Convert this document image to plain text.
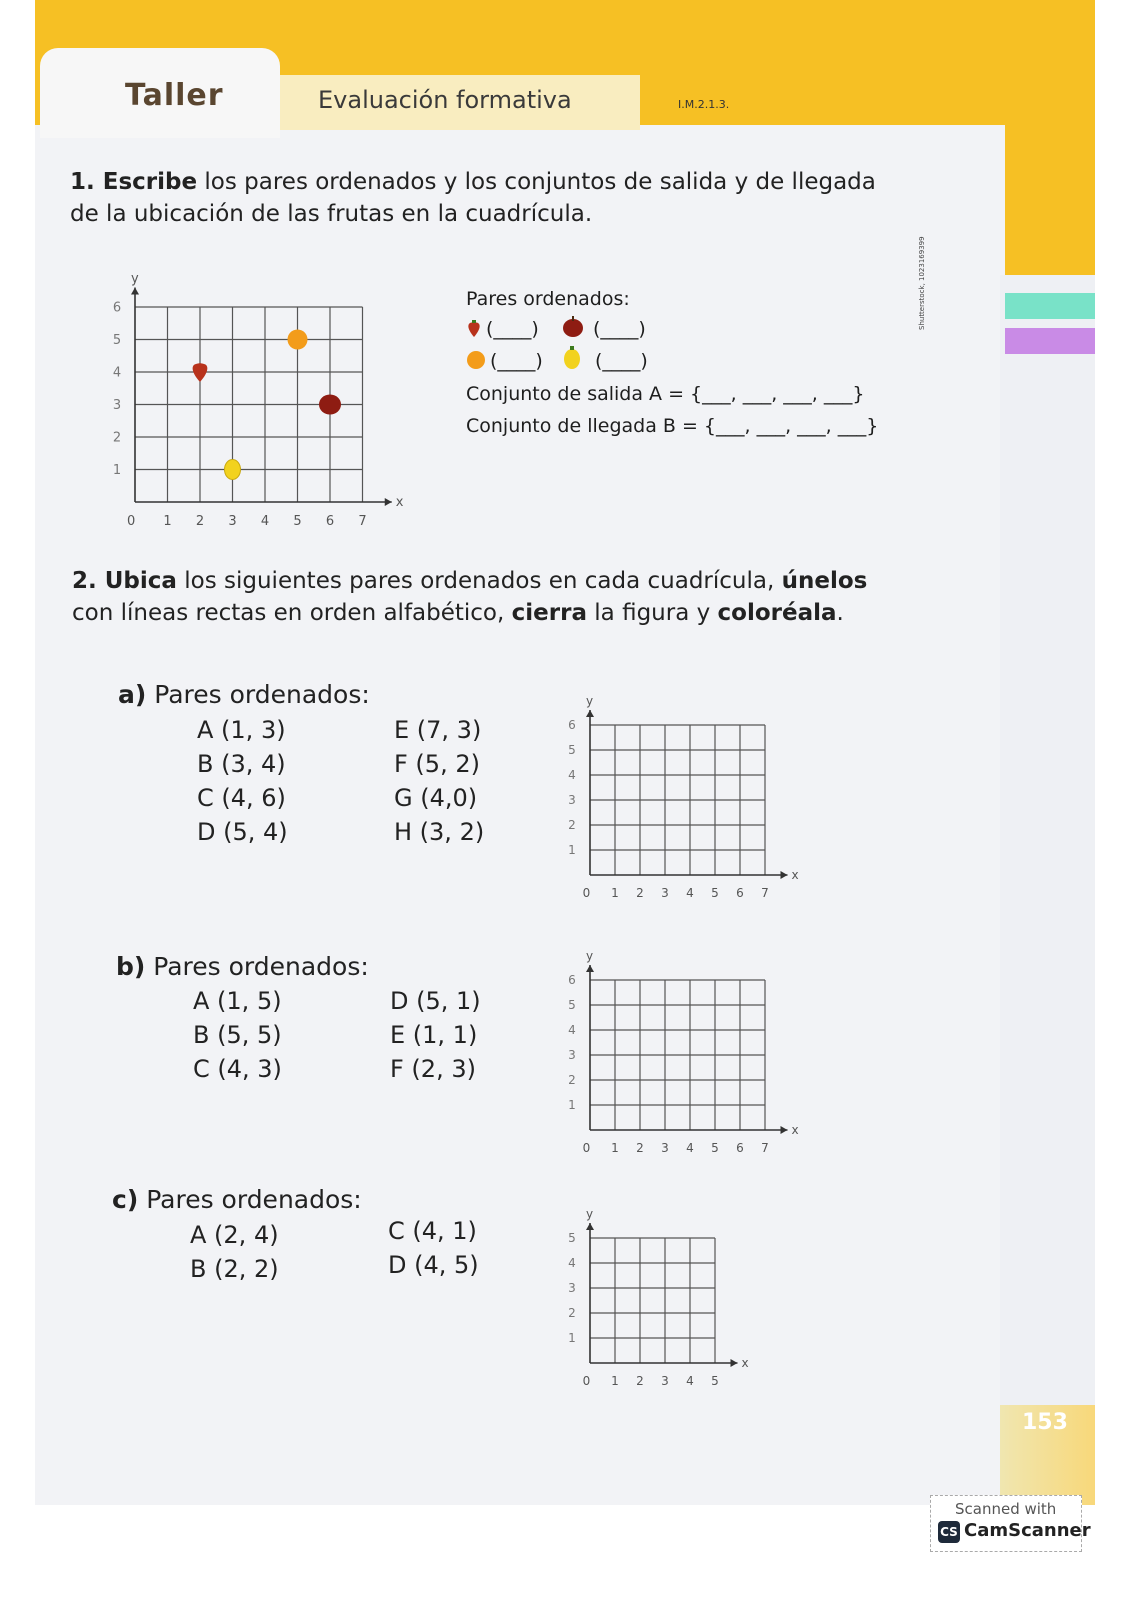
Taller	Evaluación formativa	I.M.2.1.3.
Shutterstock, 1023169399
1. Escribe los pares ordenados y los conjuntos de salida y de llegada de la ubicación de las frutas en la cuadrícula.
x
y
0 1 2 3 4 5 6 7
1
2
3
4
5
6	Pares ordenados:
(____)	(____)
(____)	(____)
Conjunto de salida A = {___, ___, ___, ___}
Conjunto de llegada B = {___, ___, ___, ___}
2. Ubica los siguientes pares ordenados en cada cuadrícula, únelos con líneas rectas en orden alfabético, cierra la figura y coloréala.
a) Pares ordenados:
A (1, 3)
B (3, 4)
C (4, 6)
D (5, 4)
E (7, 3)
F (5, 2)
G (4,0)
H (3, 2)
x
y
0 1 2 3 4 5 6 7
1
2
3
4
5
6
b) Pares ordenados:
A (1, 5)
B (5, 5)
C (4, 3)
D (5, 1)
E (1, 1)
F (2, 3)
x
y
0 1 2 3 4 5 6 7
1
2
3
4
5
6
c) Pares ordenados:
A (2, 4)
B (2, 2)
C (4, 1)
D (4, 5)
x
y
0 1 2 3 4 5
1
2
3
4
5
153
Scanned with
CS CamScanner
